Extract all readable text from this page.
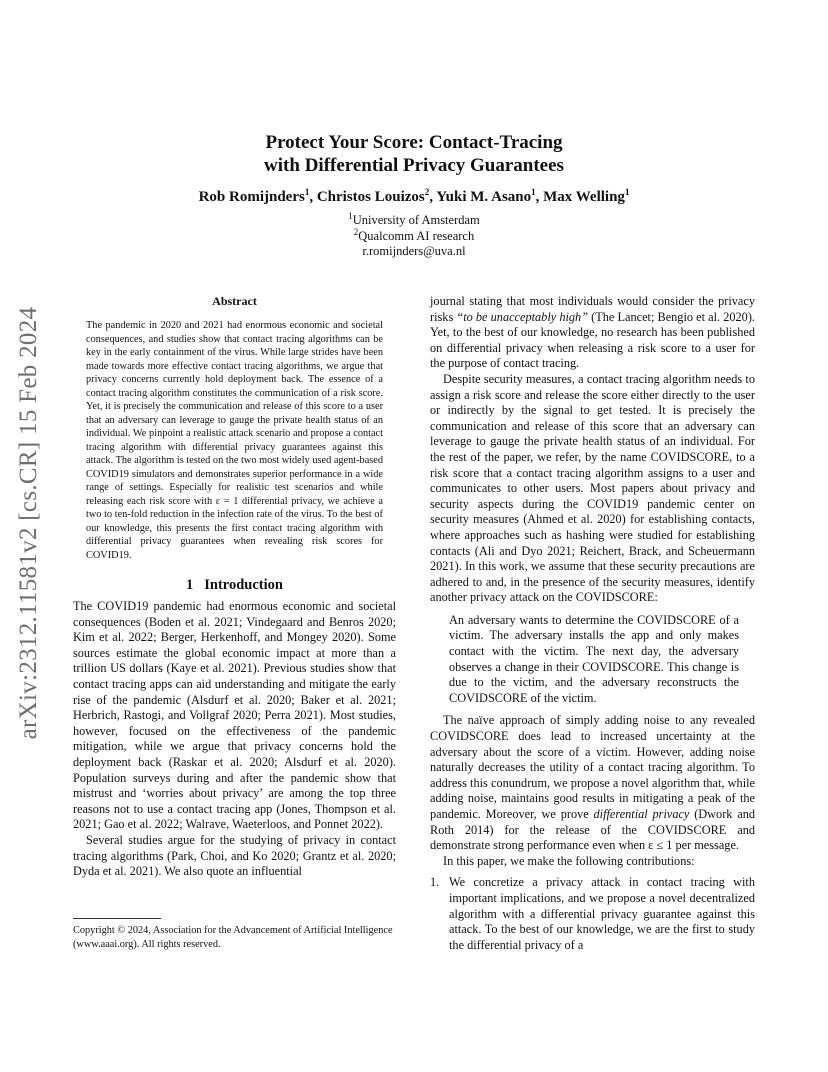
arXiv:2312.11581v2 [cs.CR] 15 Feb 2024
Protect Your Score: Contact-Tracing
with Differential Privacy Guarantees
Rob Romijnders$^1$, Christos Louizos$^2$, Yuki M. Asano$^1$, Max Welling$^1$
$^1$University of Amsterdam
$^2$Qualcomm AI research
r.romijnders@uva.nl
Abstract

The pandemic in 2020 and 2021 had enormous economic and societal consequences, and studies show that contact tracing algorithms can be key in the early containment of the virus. While large strides have been made towards more effective contact tracing algorithms, we argue that privacy concerns currently hold deployment back. The essence of a contact tracing algorithm constitutes the communication of a risk score. Yet, it is precisely the communication and release of this score to a user that an adversary can leverage to gauge the private health status of an individual. We pinpoint a realistic attack scenario and propose a contact tracing algorithm with differential privacy guarantees against this attack. The algorithm is tested on the two most widely used agent-based COVID19 simulators and demonstrates superior performance in a wide range of settings. Especially for realistic test scenarios and while releasing each risk score with ε = 1 differential privacy, we achieve a two to ten-fold reduction in the infection rate of the virus. To the best of our knowledge, this presents the first contact tracing algorithm with differential privacy guarantees when revealing risk scores for COVID19.

1 Introduction

The COVID19 pandemic had enormous economic and societal consequences (Boden et al. 2021; Vindegaard and Benros 2020; Kim et al. 2022; Berger, Herkenhoff, and Mongey 2020). Some sources estimate the global economic impact at more than a trillion US dollars (Kaye et al. 2021). Previous studies show that contact tracing apps can aid understanding and mitigate the early rise of the pandemic (Alsdurf et al. 2020; Baker et al. 2021; Herbrich, Rastogi, and Vollgraf 2020; Perra 2021). Most studies, however, focused on the effectiveness of the pandemic mitigation, while we argue that privacy concerns hold the deployment back (Raskar et al. 2020; Alsdurf et al. 2020). Population surveys during and after the pandemic show that mistrust and ‘worries about privacy’ are among the top three reasons not to use a contact tracing app (Jones, Thompson et al. 2021; Gao et al. 2022; Walrave, Waeterloos, and Ponnet 2022).

Several studies argue for the studying of privacy in contact tracing algorithms (Park, Choi, and Ko 2020; Grantz et al. 2020; Dyda et al. 2021). We also quote an influential

journal stating that most individuals would consider the privacy risks “to be unacceptably high” (The Lancet; Bengio et al. 2020). Yet, to the best of our knowledge, no research has been published on differential privacy when releasing a risk score to a user for the purpose of contact tracing.

Despite security measures, a contact tracing algorithm needs to assign a risk score and release the score either directly to the user or indirectly by the signal to get tested. It is precisely the communication and release of this score that an adversary can leverage to gauge the private health status of an individual. For the rest of the paper, we refer, by the name COVIDSCORE, to a risk score that a contact tracing algorithm assigns to a user and communicates to other users. Most papers about privacy and security aspects during the COVID19 pandemic center on security measures (Ahmed et al. 2020) for establishing contacts, where approaches such as hashing were studied for establishing contacts (Ali and Dyo 2021; Reichert, Brack, and Scheuermann 2021). In this work, we assume that these security precautions are adhered to and, in the presence of the security measures, identify another privacy attack on the COVIDSCORE:

An adversary wants to determine the COVIDSCORE of a victim. The adversary installs the app and only makes contact with the victim. The next day, the adversary observes a change in their COVIDSCORE. This change is due to the victim, and the adversary reconstructs the COVIDSCORE of the victim.

The naïve approach of simply adding noise to any revealed COVIDSCORE does lead to increased uncertainty at the adversary about the score of a victim. However, adding noise naturally decreases the utility of a contact tracing algorithm. To address this conundrum, we propose a novel algorithm that, while adding noise, maintains good results in mitigating a peak of the pandemic. Moreover, we prove differential privacy (Dwork and Roth 2014) for the release of the COVIDSCORE and demonstrate strong performance even when ε ≤ 1 per message.

In this paper, we make the following contributions:

1. We concretize a privacy attack in contact tracing with important implications, and we propose a novel decentralized algorithm with a differential privacy guarantee against this attack. To the best of our knowledge, we are the first to study the differential privacy of a
Copyright © 2024, Association for the Advancement of Artificial Intelligence (www.aaai.org). All rights reserved.
